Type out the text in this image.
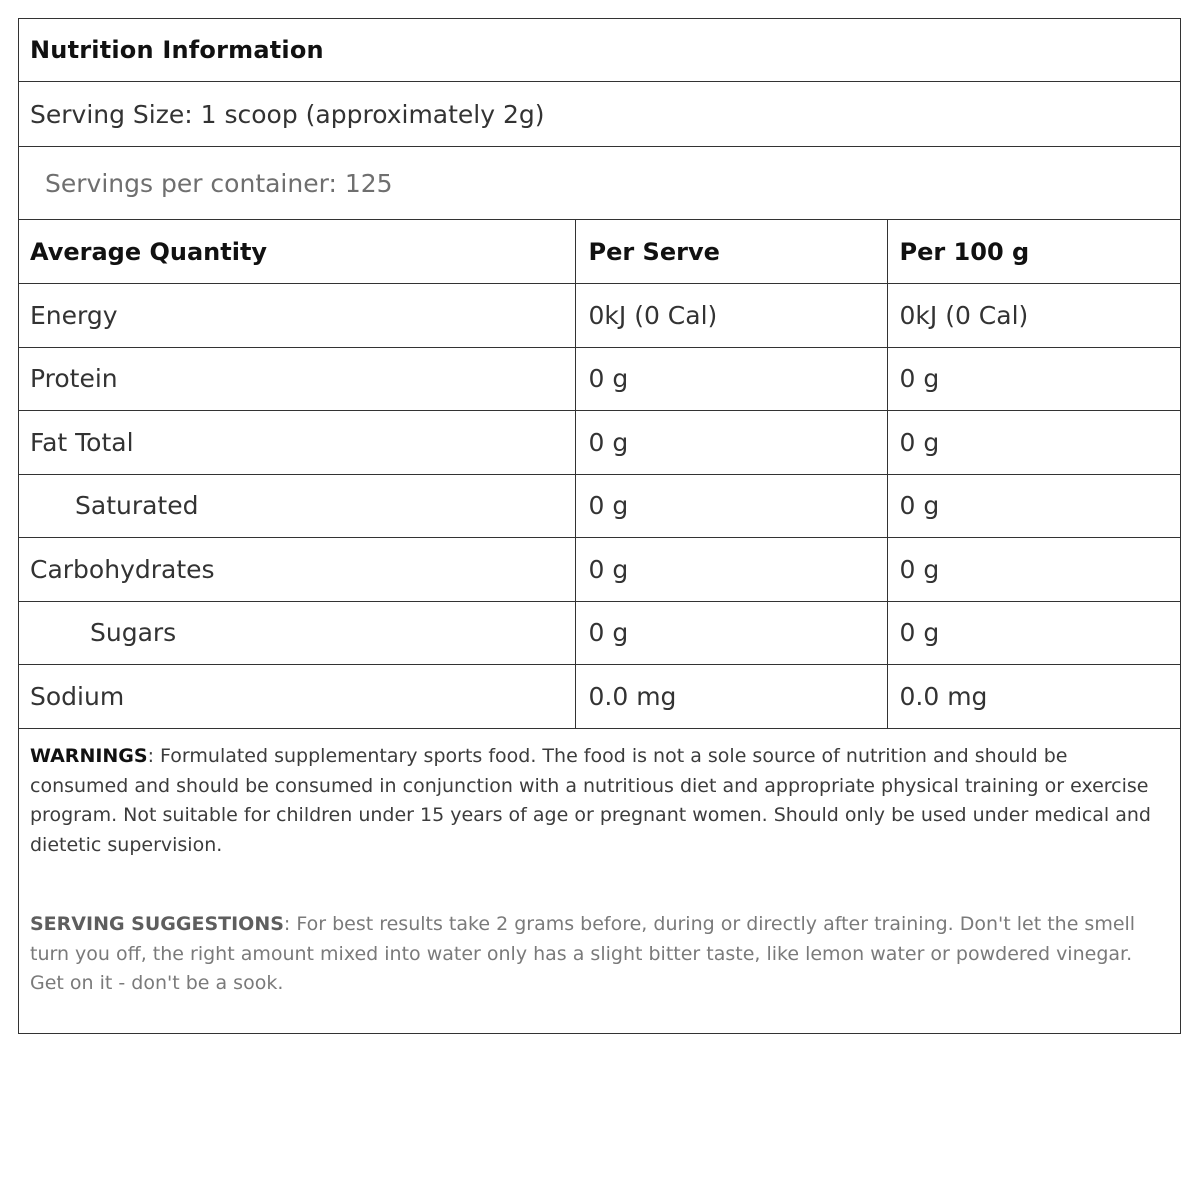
Nutrition Information
Serving Size: 1 scoop (approximately 2g)
Servings per container: 125
Average Quantity	Per Serve	Per 100 g
Energy	0kJ (0 Cal)	0kJ (0 Cal)
Protein	0 g	0 g
Fat Total	0 g	0 g
Saturated	0 g	0 g
Carbohydrates	0 g	0 g
Sugars	0 g	0 g
Sodium	0.0 mg	0.0 mg

WARNINGS: Formulated supplementary sports food. The food is not a sole source of nutrition and should be consumed and should be consumed in conjunction with a nutritious diet and appropriate physical training or exercise program. Not suitable for children under 15 years of age or pregnant women. Should only be used under medical and dietetic supervision.

SERVING SUGGESTIONS: For best results take 2 grams before, during or directly after training. Don't let the smell turn you off, the right amount mixed into water only has a slight bitter taste, like lemon water or powdered vinegar. Get on it - don't be a sook.
